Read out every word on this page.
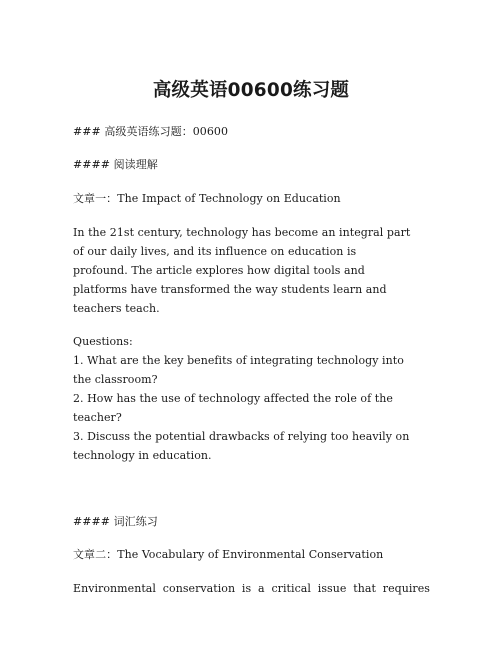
高级英语00600练习题
### 高级英语练习题：00600
#### 阅读理解
文章一：The Impact of Technology on Education
In the 21st century, technology has become an integral part
of our daily lives, and its influence on education is
profound. The article explores how digital tools and
platforms have transformed the way students learn and
teachers teach.
Questions:
1. What are the key benefits of integrating technology into
the classroom?
2. How has the use of technology affected the role of the
teacher?
3. Discuss the potential drawbacks of relying too heavily on
technology in education.
#### 词汇练习
文章二：The Vocabulary of Environmental Conservation
Environmental conservation is a critical issue that requires
